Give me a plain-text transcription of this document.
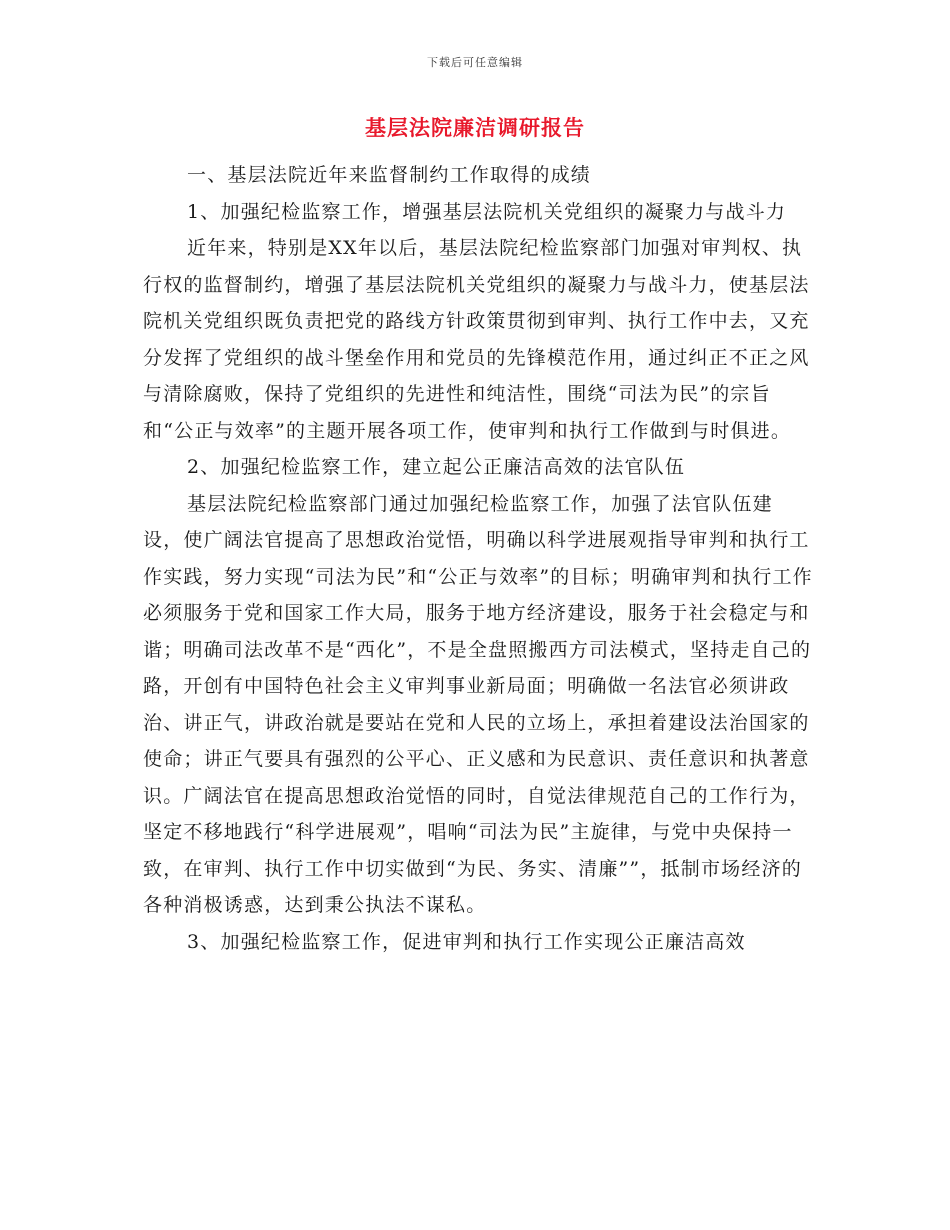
下载后可任意编辑
基层法院廉洁调研报告

一、基层法院近年来监督制约工作取得的成绩

1、加强纪检监察工作，增强基层法院机关党组织的凝聚力与战斗力

近年来，特别是XX年以后，基层法院纪检监察部门加强对审判权、执行权的监督制约，增强了基层法院机关党组织的凝聚力与战斗力，使基层法院机关党组织既负责把党的路线方针政策贯彻到审判、执行工作中去，又充分发挥了党组织的战斗堡垒作用和党员的先锋模范作用，通过纠正不正之风与清除腐败，保持了党组织的先进性和纯洁性，围绕“司法为民”的宗旨和“公正与效率”的主题开展各项工作，使审判和执行工作做到与时俱进。

2、加强纪检监察工作，建立起公正廉洁高效的法官队伍

基层法院纪检监察部门通过加强纪检监察工作，加强了法官队伍建设，使广阔法官提高了思想政治觉悟，明确以科学进展观指导审判和执行工作实践，努力实现“司法为民”和“公正与效率”的目标；明确审判和执行工作必须服务于党和国家工作大局，服务于地方经济建设，服务于社会稳定与和谐；明确司法改革不是“西化”，不是全盘照搬西方司法模式，坚持走自己的路，开创有中国特色社会主义审判事业新局面；明确做一名法官必须讲政治、讲正气，讲政治就是要站在党和人民的立场上，承担着建设法治国家的使命；讲正气要具有强烈的公平心、正义感和为民意识、责任意识和执著意识。广阔法官在提高思想政治觉悟的同时，自觉法律规范自己的工作行为，坚定不移地践行“科学进展观”，唱响“司法为民”主旋律，与党中央保持一致，在审判、执行工作中切实做到“为民、务实、清廉””，抵制市场经济的各种消极诱惑，达到秉公执法不谋私。

3、加强纪检监察工作，促进审判和执行工作实现公正廉洁高效
